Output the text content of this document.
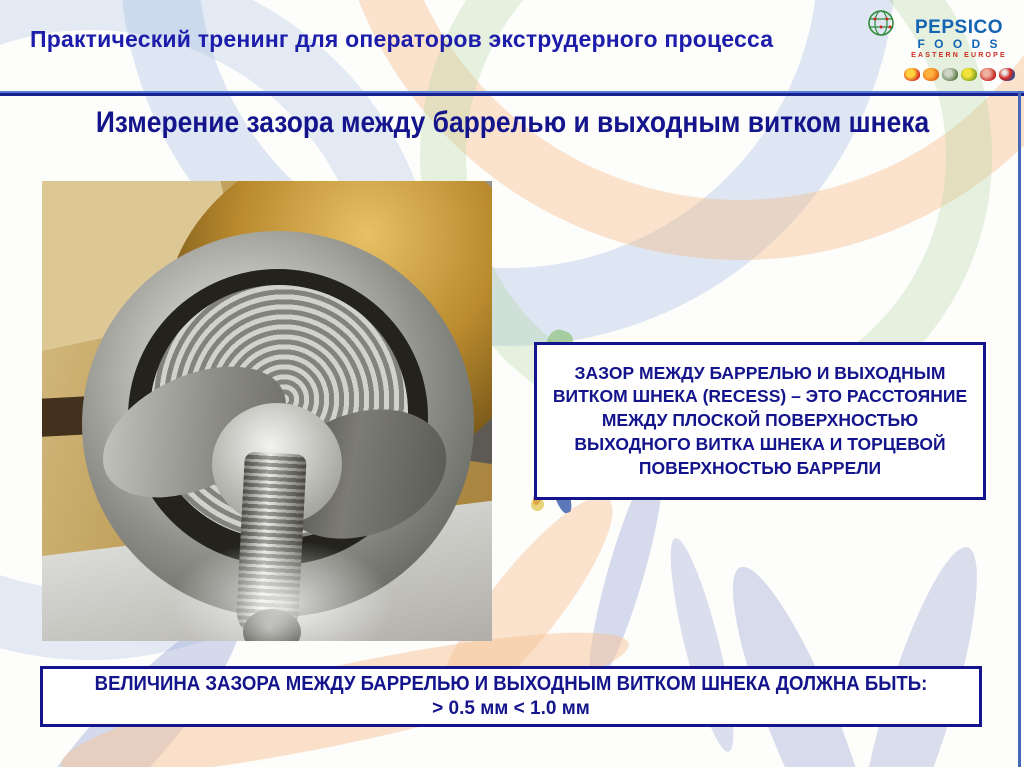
Практический тренинг для операторов экструдерного процесса	PEPSICO
F O O D S
EASTERN EUROPE
Измерение зазора между баррелью и выходным витком шнека

ЗАЗОР МЕЖДУ БАРРЕЛЬЮ И ВЫХОДНЫМ ВИТКОМ ШНЕКА (RECESS) – ЭТО РАССТОЯНИЕ МЕЖДУ ПЛОСКОЙ ПОВЕРХНОСТЬЮ ВЫХОДНОГО ВИТКА ШНЕКА И ТОРЦЕВОЙ ПОВЕРХНОСТЬЮ БАРРЕЛИ

ВЕЛИЧИНА ЗАЗОРА МЕЖДУ БАРРЕЛЬЮ И ВЫХОДНЫМ ВИТКОМ ШНЕКА ДОЛЖНА БЫТЬ:

> 0.5 мм < 1.0 мм
